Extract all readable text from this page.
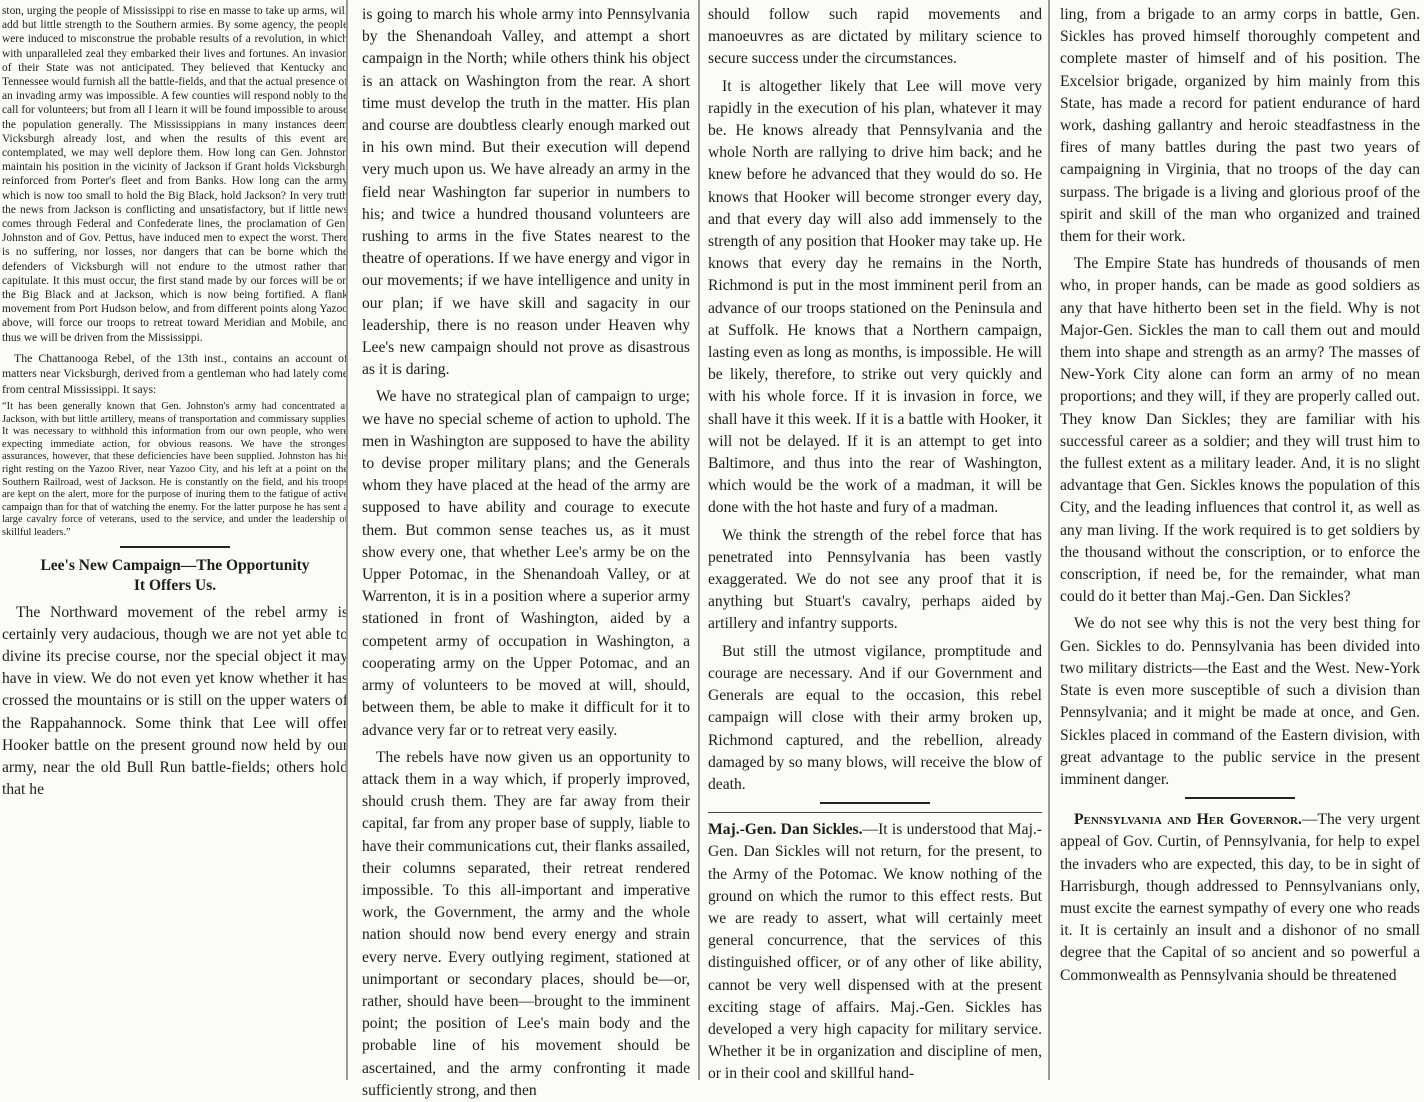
ston, urging the people of Mississippi to rise en masse to take up arms, will add but little strength to the Southern armies. By some agency, the people were induced to misconstrue the probable results of a revolution, in which with unparalleled zeal they embarked their lives and fortunes. An invasion of their State was not anticipated. They believed that Kentucky and Tennessee would furnish all the battle-fields, and that the actual presence of an invading army was impossible. A few counties will respond nobly to the call for volunteers; but from all I learn it will be found impossible to arouse the population generally. The Mississippians in many instances deem Vicksburgh already lost, and when the results of this event are contemplated, we may well deplore them. How long can Gen. Johnston maintain his position in the vicinity of Jackson if Grant holds Vicksburgh, reinforced from Porter's fleet and from Banks. How long can the army which is now too small to hold the Big Black, hold Jackson? In very truth the news from Jackson is conflicting and unsatisfactory, but if little news comes through Federal and Confederate lines, the proclamation of Gen. Johnston and of Gov. Pettus, have induced men to expect the worst. There is no suffering, nor losses, nor dangers that can be borne which the defenders of Vicksburgh will not endure to the utmost rather than capitulate. It this must occur, the first stand made by our forces will be on the Big Black and at Jackson, which is now being fortified. A flank movement from Port Hudson below, and from different points along Yazoo above, will force our troops to retreat toward Meridian and Mobile, and thus we will be driven from the Mississippi.

The Chattanooga Rebel, of the 13th inst., contains an account of matters near Vicksburgh, derived from a gentleman who had lately come from central Mississippi. It says:

“It has been generally known that Gen. Johnston's army had concentrated at Jackson, with but little artillery, means of transportation and commissary supplies. It was necessary to withhold this information from our own people, who were expecting immediate action, for obvious reasons. We have the strongest assurances, however, that these deficiencies have been supplied. Johnston has his right resting on the Yazoo River, near Yazoo City, and his left at a point on the Southern Railroad, west of Jackson. He is constantly on the field, and his troops are kept on the alert, more for the purpose of inuring them to the fatigue of active campaign than for that of watching the enemy. For the latter purpose he has sent a large cavalry force of veterans, used to the service, and under the leadership of skillful leaders.”

Lee's New Campaign—The Opportunity
It Offers Us.

The Northward movement of the rebel army is certainly very audacious, though we are not yet able to divine its precise course, nor the special object it may have in view. We do not even yet know whether it has crossed the mountains or is still on the upper waters of the Rappahannock. Some think that Lee will offer Hooker battle on the present ground now held by our army, near the old Bull Run battle-fields; others hold that he

is going to march his whole army into Pennsylvania by the Shenandoah Valley, and attempt a short campaign in the North; while others think his object is an attack on Washington from the rear. A short time must develop the truth in the matter. His plan and course are doubtless clearly enough marked out in his own mind. But their execution will depend very much upon us. We have already an army in the field near Washington far superior in numbers to his; and twice a hundred thousand volunteers are rushing to arms in the five States nearest to the theatre of operations. If we have energy and vigor in our movements; if we have intelligence and unity in our plan; if we have skill and sagacity in our leadership, there is no reason under Heaven why Lee's new campaign should not prove as disastrous as it is daring.

We have no strategical plan of campaign to urge; we have no special scheme of action to uphold. The men in Washington are supposed to have the ability to devise proper military plans; and the Generals whom they have placed at the head of the army are supposed to have ability and courage to execute them. But common sense teaches us, as it must show every one, that whether Lee's army be on the Upper Potomac, in the Shenandoah Valley, or at Warrenton, it is in a position where a superior army stationed in front of Washington, aided by a competent army of occupation in Washington, a cooperating army on the Upper Potomac, and an army of volunteers to be moved at will, should, between them, be able to make it difficult for it to advance very far or to retreat very easily.

The rebels have now given us an opportunity to attack them in a way which, if properly improved, should crush them. They are far away from their capital, far from any proper base of supply, liable to have their communications cut, their flanks assailed, their columns separated, their retreat rendered impossible. To this all-important and imperative work, the Government, the army and the whole nation should now bend every energy and strain every nerve. Every outlying regiment, stationed at unimportant or secondary places, should be—or, rather, should have been—brought to the imminent point; the position of Lee's main body and the probable line of his movement should be ascertained, and the army confronting it made sufficiently strong, and then

should follow such rapid movements and manoeuvres as are dictated by military science to secure success under the circumstances.

It is altogether likely that Lee will move very rapidly in the execution of his plan, whatever it may be. He knows already that Pennsylvania and the whole North are rallying to drive him back; and he knew before he advanced that they would do so. He knows that Hooker will become stronger every day, and that every day will also add immensely to the strength of any position that Hooker may take up. He knows that every day he remains in the North, Richmond is put in the most imminent peril from an advance of our troops stationed on the Peninsula and at Suffolk. He knows that a Northern campaign, lasting even as long as months, is impossible. He will be likely, therefore, to strike out very quickly and with his whole force. If it is invasion in force, we shall have it this week. If it is a battle with Hooker, it will not be delayed. If it is an attempt to get into Baltimore, and thus into the rear of Washington, which would be the work of a madman, it will be done with the hot haste and fury of a madman.

We think the strength of the rebel force that has penetrated into Pennsylvania has been vastly exaggerated. We do not see any proof that it is anything but Stuart's cavalry, perhaps aided by artillery and infantry supports.

But still the utmost vigilance, promptitude and courage are necessary. And if our Government and Generals are equal to the occasion, this rebel campaign will close with their army broken up, Richmond captured, and the rebellion, already damaged by so many blows, will receive the blow of death.

Maj.-Gen. Dan Sickles.—It is understood that Maj.-Gen. Dan Sickles will not return, for the present, to the Army of the Potomac. We know nothing of the ground on which the rumor to this effect rests. But we are ready to assert, what will certainly meet general concurrence, that the services of this distinguished officer, or of any other of like ability, cannot be very well dispensed with at the present exciting stage of affairs. Maj.-Gen. Sickles has developed a very high capacity for military service. Whether it be in organization and discipline of men, or in their cool and skillful hand-

ling, from a brigade to an army corps in battle, Gen. Sickles has proved himself thoroughly competent and complete master of himself and of his position. The Excelsior brigade, organized by him mainly from this State, has made a record for patient endurance of hard work, dashing gallantry and heroic steadfastness in the fires of many battles during the past two years of campaigning in Virginia, that no troops of the day can surpass. The brigade is a living and glorious proof of the spirit and skill of the man who organized and trained them for their work.

The Empire State has hundreds of thousands of men who, in proper hands, can be made as good soldiers as any that have hitherto been set in the field. Why is not Major-Gen. Sickles the man to call them out and mould them into shape and strength as an army? The masses of New-York City alone can form an army of no mean proportions; and they will, if they are properly called out. They know Dan Sickles; they are familiar with his successful career as a soldier; and they will trust him to the fullest extent as a military leader. And, it is no slight advantage that Gen. Sickles knows the population of this City, and the leading influences that control it, as well as any man living. If the work required is to get soldiers by the thousand without the conscription, or to enforce the conscription, if need be, for the remainder, what man could do it better than Maj.-Gen. Dan Sickles?

We do not see why this is not the very best thing for Gen. Sickles to do. Pennsylvania has been divided into two military districts—the East and the West. New-York State is even more susceptible of such a division than Pennsylvania; and it might be made at once, and Gen. Sickles placed in command of the Eastern division, with great advantage to the public service in the present imminent danger.

Pennsylvania and Her Governor.—The very urgent appeal of Gov. Curtin, of Pennsylvania, for help to expel the invaders who are expected, this day, to be in sight of Harrisburgh, though addressed to Pennsylvanians only, must excite the earnest sympathy of every one who reads it. It is certainly an insult and a dishonor of no small degree that the Capital of so ancient and so powerful a Commonwealth as Pennsylvania should be threatened
